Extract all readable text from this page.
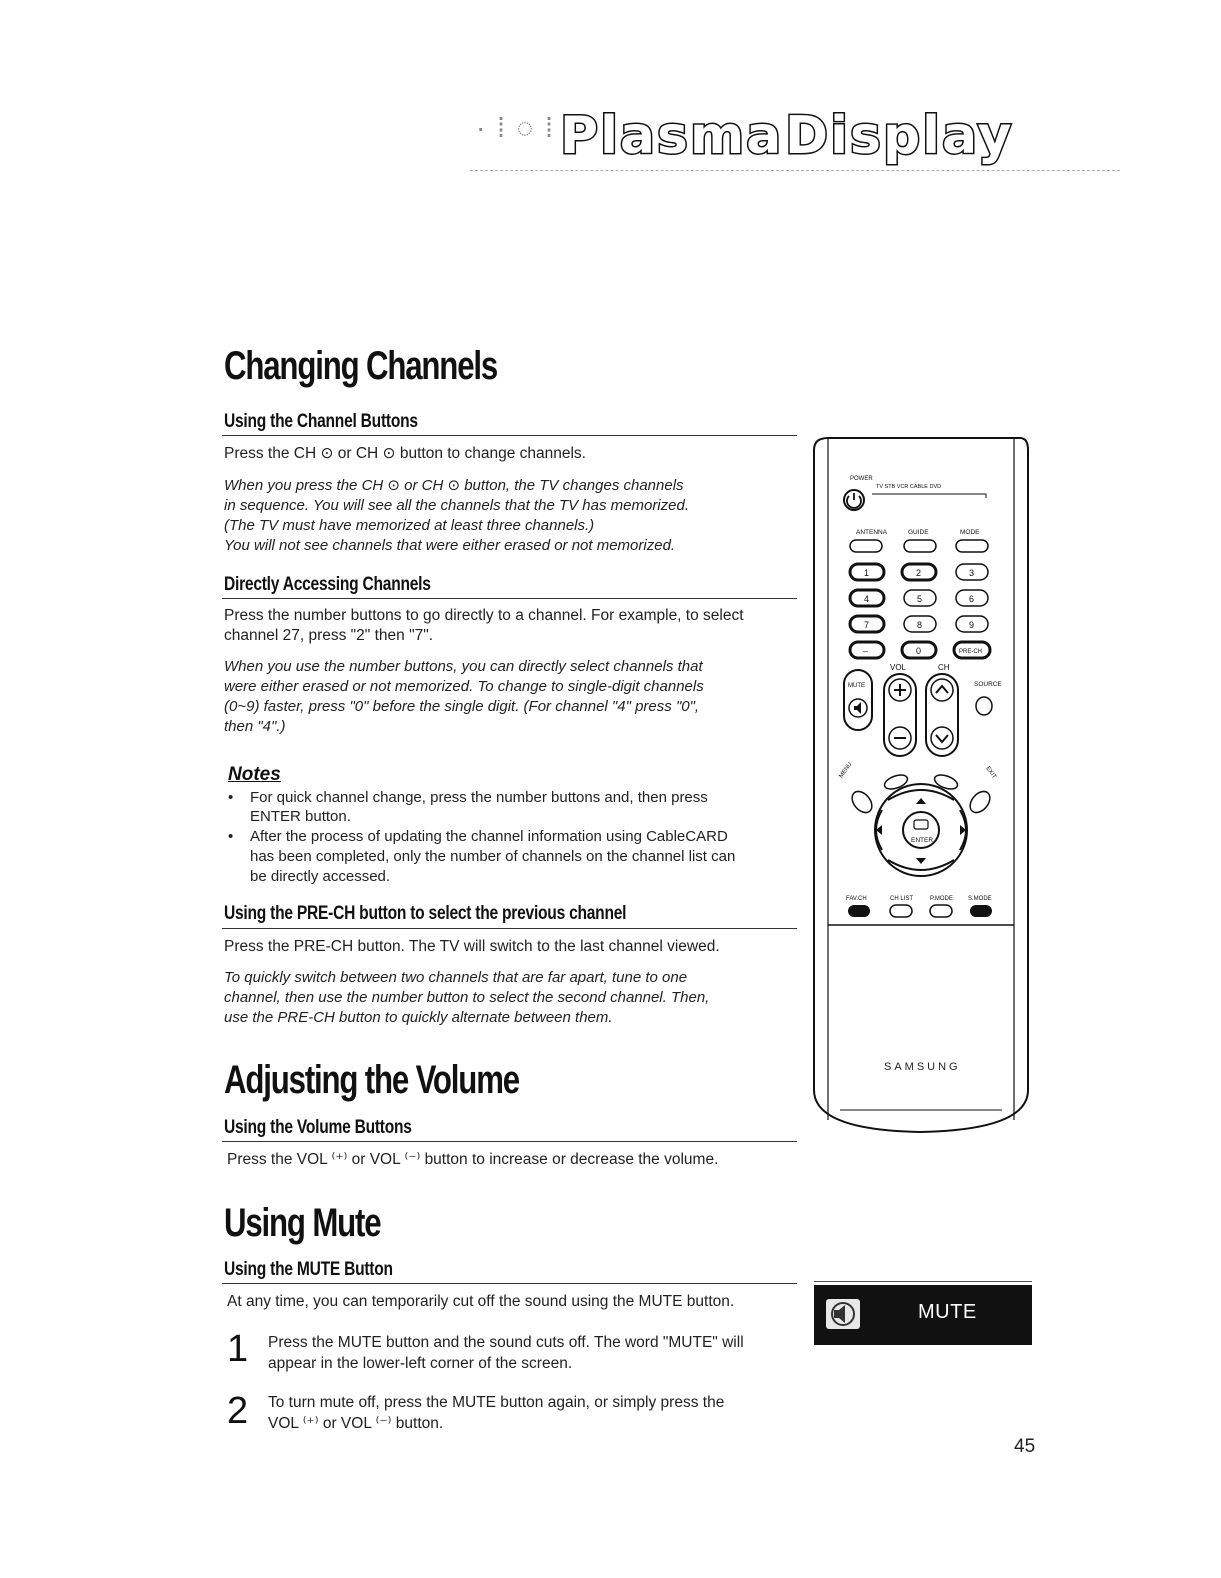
· ⁞ ◌ ⁞ ·
Plasma Display
Changing Channels
Using the Channel Buttons
Press the CH ⊙ or CH ⊙ button to change channels.
When you press the CH ⊙ or CH ⊙ button, the TV changes channels
in sequence. You will see all the channels that the TV has memorized.
(The TV must have memorized at least three channels.)
You will not see channels that were either erased or not memorized.
Directly Accessing Channels
Press the number buttons to go directly to a channel. For example, to select
channel 27, press "2" then "7".
When you use the number buttons, you can directly select channels that
were either erased or not memorized. To change to single-digit channels
(0~9) faster, press "0" before the single digit. (For channel "4" press "0",
then "4".)
Notes
• For quick channel change, press the number buttons and, then press
ENTER button.
• After the process of updating the channel information using CableCARD
has been completed, only the number of channels on the channel list can
be directly accessed.
Using the PRE-CH button to select the previous channel
Press the PRE-CH button. The TV will switch to the last channel viewed.
To quickly switch between two channels that are far apart, tune to one
channel, then use the number button to select the second channel. Then,
use the PRE-CH button to quickly alternate between them.
Adjusting the Volume
Using the Volume Buttons
Press the VOL ⁽⁺⁾ or VOL ⁽⁻⁾ button to increase or decrease the volume.
Using Mute
Using the MUTE Button
At any time, you can temporarily cut off the sound using the MUTE button.
1 Press the MUTE button and the sound cuts off. The word "MUTE" will
appear in the lower-left corner of the screen.
2 To turn mute off, press the MUTE button again, or simply press the
VOL ⁽⁺⁾ or VOL ⁽⁻⁾ button.
POWER
TV STB VCR CABLE DVD
ANTENNA	GUIDE	MODE
1	2	3
4	5	6
7	8	9
–	0	PRE-CH
VOL	CH
MUTE	SOURCE
MENU	EXIT
ENTER
FAV.CH	CH LIST	P.MODE	S.MODE
SAMSUNG
MUTE
45
